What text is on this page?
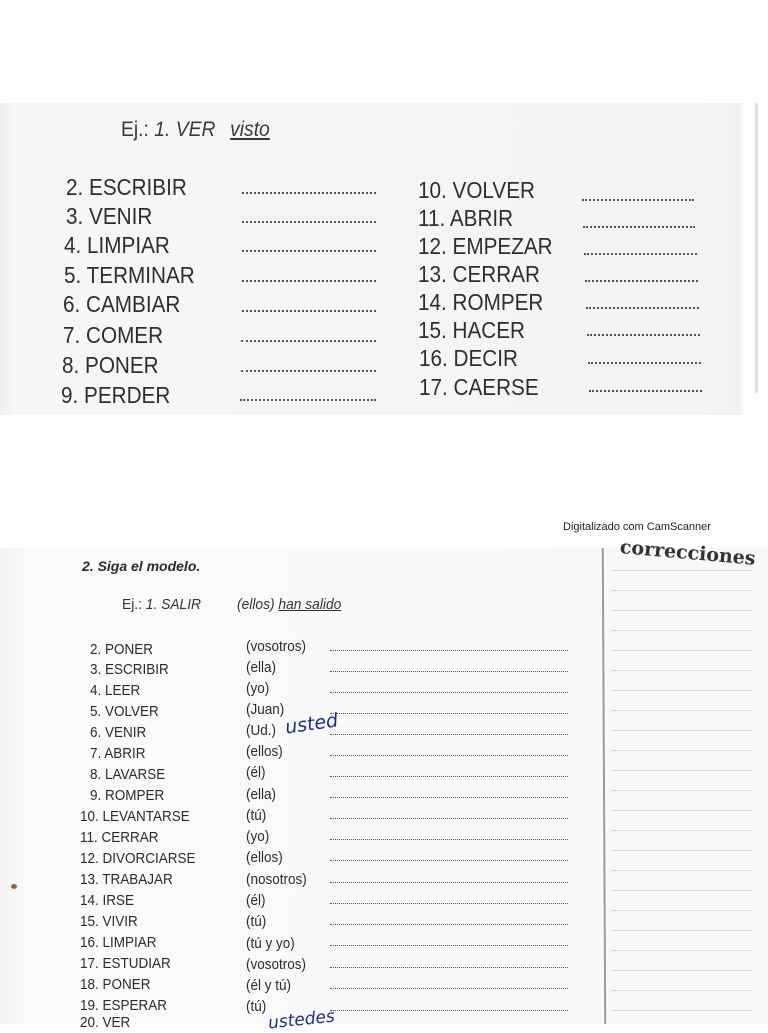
Ej.: 1. VER visto
2. ESCRIBIR
3. VENIR
4. LIMPIAR
5. TERMINAR
6. CAMBIAR
7. COMER
8. PONER
9. PERDER
10. VOLVER
11. ABRIR
12. EMPEZAR
13. CERRAR
14. ROMPER
15. HACER
16. DECIR
17. CAERSE
Digitalizado com CamScanner
correcciones
2. Siga el modelo.
Ej.: 1. SALIR (ellos) han salido
2. PONER	(vosotros)
3. ESCRIBIR	(ella)
4. LEER	(yo)
5. VOLVER	(Juan)
6. VENIR	(Ud.) usted
7. ABRIR	(ellos)
8. LAVARSE	(él)
9. ROMPER	(ella)
10. LEVANTARSE	(tú)
11. CERRAR	(yo)
12. DIVORCIARSE	(ellos)
13. TRABAJAR	(nosotros)
14. IRSE	(él)
15. VIVIR	(tú)
16. LIMPIAR	(tú y yo)
17. ESTUDIAR	(vosotros)
18. PONER	(él y tú)
19. ESPERAR	(tú)
20. VER	ustedes
